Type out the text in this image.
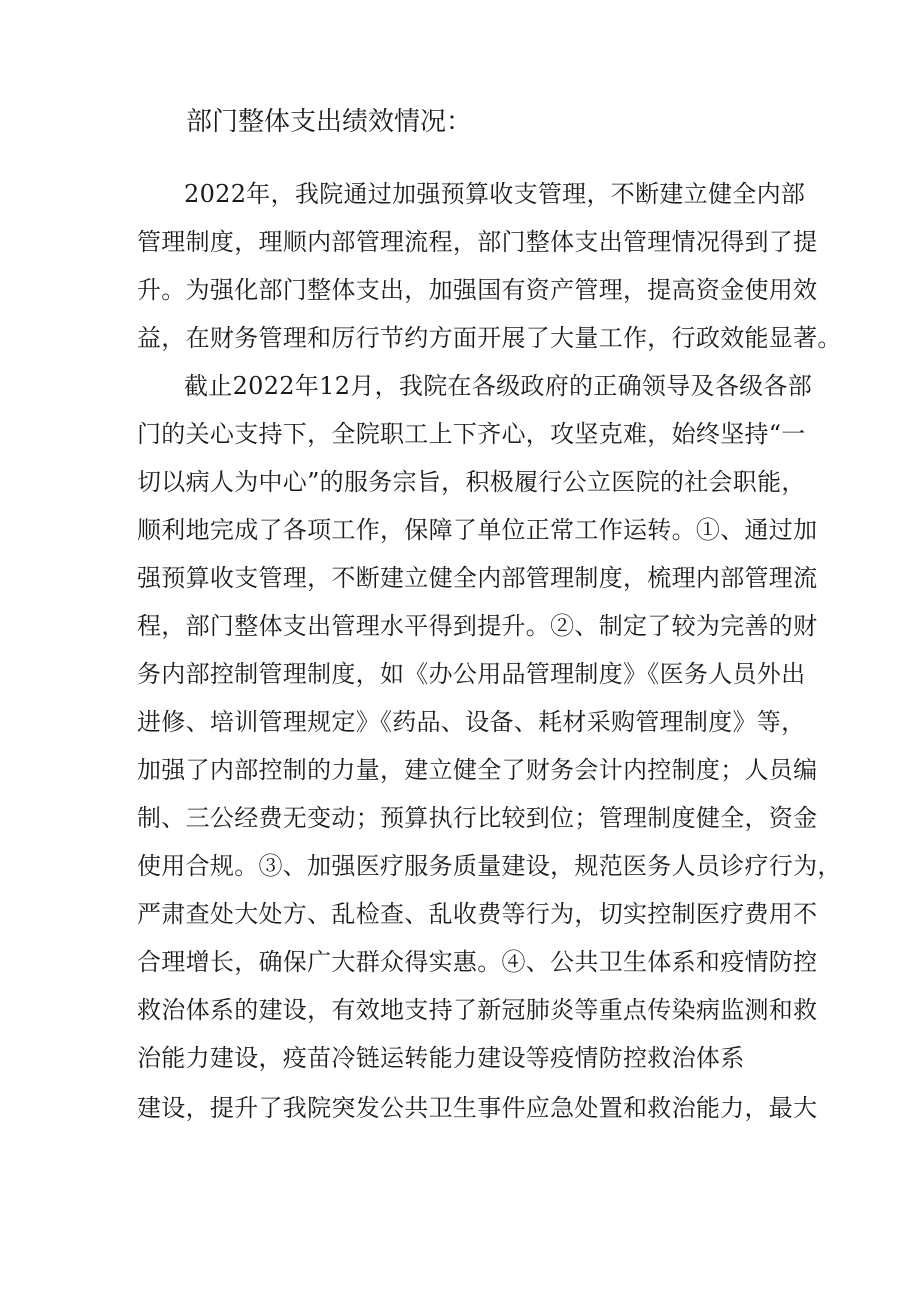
部门整体支出绩效情况：
2022年，我院通过加强预算收支管理，不断建立健全内部
管理制度，理顺内部管理流程，部门整体支出管理情况得到了提
升。为强化部门整体支出，加强国有资产管理，提高资金使用效
益，在财务管理和厉行节约方面开展了大量工作，行政效能显著。
截止2022年12月，我院在各级政府的正确领导及各级各部
门的关心支持下，全院职工上下齐心，攻坚克难，始终坚持“一
切以病人为中心”的服务宗旨，积极履行公立医院的社会职能，
顺利地完成了各项工作，保障了单位正常工作运转。①、通过加
强预算收支管理，不断建立健全内部管理制度，梳理内部管理流
程，部门整体支出管理水平得到提升。②、制定了较为完善的财
务内部控制管理制度，如《办公用品管理制度》《医务人员外出
进修、培训管理规定》《药品、设备、耗材采购管理制度》等，
加强了内部控制的力量，建立健全了财务会计内控制度；人员编
制、三公经费无变动；预算执行比较到位；管理制度健全，资金
使用合规。③、加强医疗服务质量建设，规范医务人员诊疗行为，
严肃查处大处方、乱检查、乱收费等行为，切实控制医疗费用不
合理增长，确保广大群众得实惠。④、公共卫生体系和疫情防控
救治体系的建设，有效地支持了新冠肺炎等重点传染病监测和救
治能力建设，疫苗冷链运转能力建设等疫情防控救治体系
建设，提升了我院突发公共卫生事件应急处置和救治能力，最大
